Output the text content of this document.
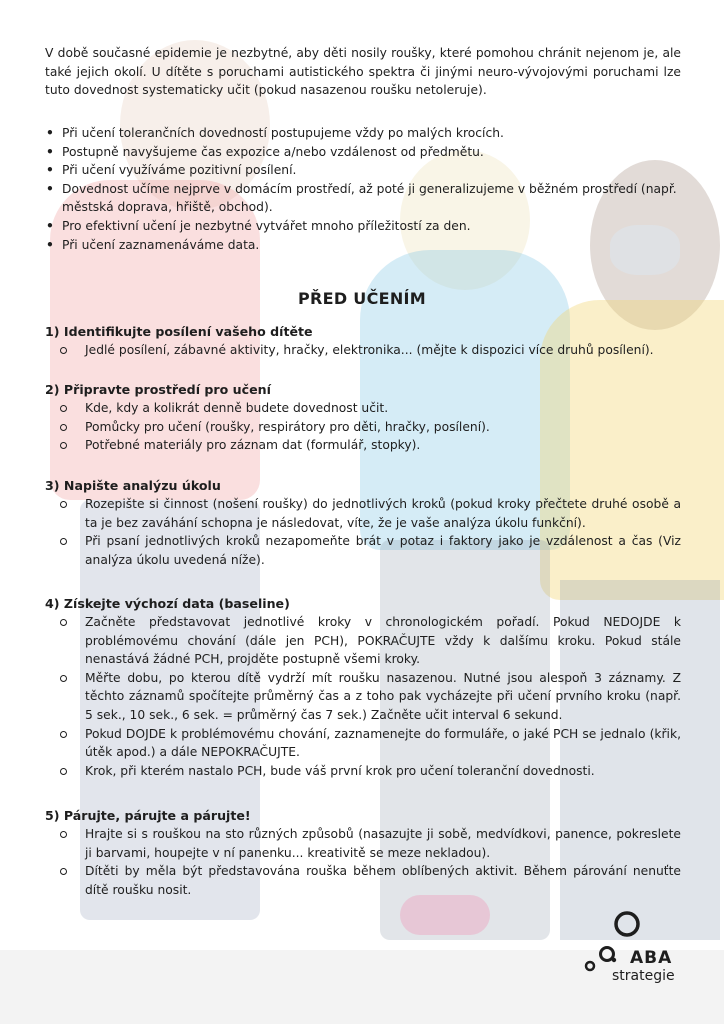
V době současné epidemie je nezbytné, aby děti nosily roušky, které pomohou chránit nejenom je, ale také jejich okolí. U dítěte s poruchami autistického spektra či jinými neuro-vývojovými poruchami lze tuto dovednost systematicky učit (pokud nasazenou roušku netoleruje).

• Při učení tolerančních dovedností postupujeme vždy po malých krocích.
• Postupně navyšujeme čas expozice a/nebo vzdálenost od předmětu.
• Při učení využíváme pozitivní posílení.
• Dovednost učíme nejprve v domácím prostředí, až poté ji generalizujeme v běžném prostředí (např. městská doprava, hřiště, obchod).
• Pro efektivní učení je nezbytné vytvářet mnoho příležitostí za den.
• Při učení zaznamenáváme data.
PŘED UČENÍM
1) Identifikujte posílení vašeho dítěte
Jedlé posílení, zábavné aktivity, hračky, elektronika... (mějte k dispozici více druhů posílení).
2) Připravte prostředí pro učení
Kde, kdy a kolikrát denně budete dovednost učit.
Pomůcky pro učení (roušky, respirátory pro děti, hračky, posílení).
Potřebné materiály pro záznam dat (formulář, stopky).
3) Napište analýzu úkolu
Rozepište si činnost (nošení roušky) do jednotlivých kroků (pokud kroky přečtete druhé osobě a ta je bez zaváhání schopna je následovat, víte, že je vaše analýza úkolu funkční).
Při psaní jednotlivých kroků nezapomeňte brát v potaz i faktory jako je vzdálenost a čas (Viz analýza úkolu uvedená níže).
4) Získejte výchozí data (baseline)
Začněte představovat jednotlivé kroky v chronologickém pořadí. Pokud NEDOJDE k problémovému chování (dále jen PCH), POKRAČUJTE vždy k dalšímu kroku. Pokud stále nenastává žádné PCH, projděte postupně všemi kroky.
Měřte dobu, po kterou dítě vydrží mít roušku nasazenou. Nutné jsou alespoň 3 záznamy. Z těchto záznamů spočítejte průměrný čas a z toho pak vycházejte při učení prvního kroku (např. 5 sek., 10 sek., 6 sek. = průměrný čas 7 sek.) Začněte učit interval 6 sekund.
Pokud DOJDE k problémovému chování, zaznamenejte do formuláře, o jaké PCH se jednalo (křik, útěk apod.) a dále NEPOKRAČUJTE.
Krok, při kterém nastalo PCH, bude váš první krok pro učení toleranční dovednosti.
5) Párujte, párujte a párujte!
Hrajte si s rouškou na sto různých způsobů (nasazujte ji sobě, medvídkovi, panence, pokreslete ji barvami, houpejte v ní panenku... kreativitě se meze nekladou).
Dítěti by měla být představována rouška během oblíbených aktivit. Během párování nenuťte dítě roušku nosit.
ABA
strategie
